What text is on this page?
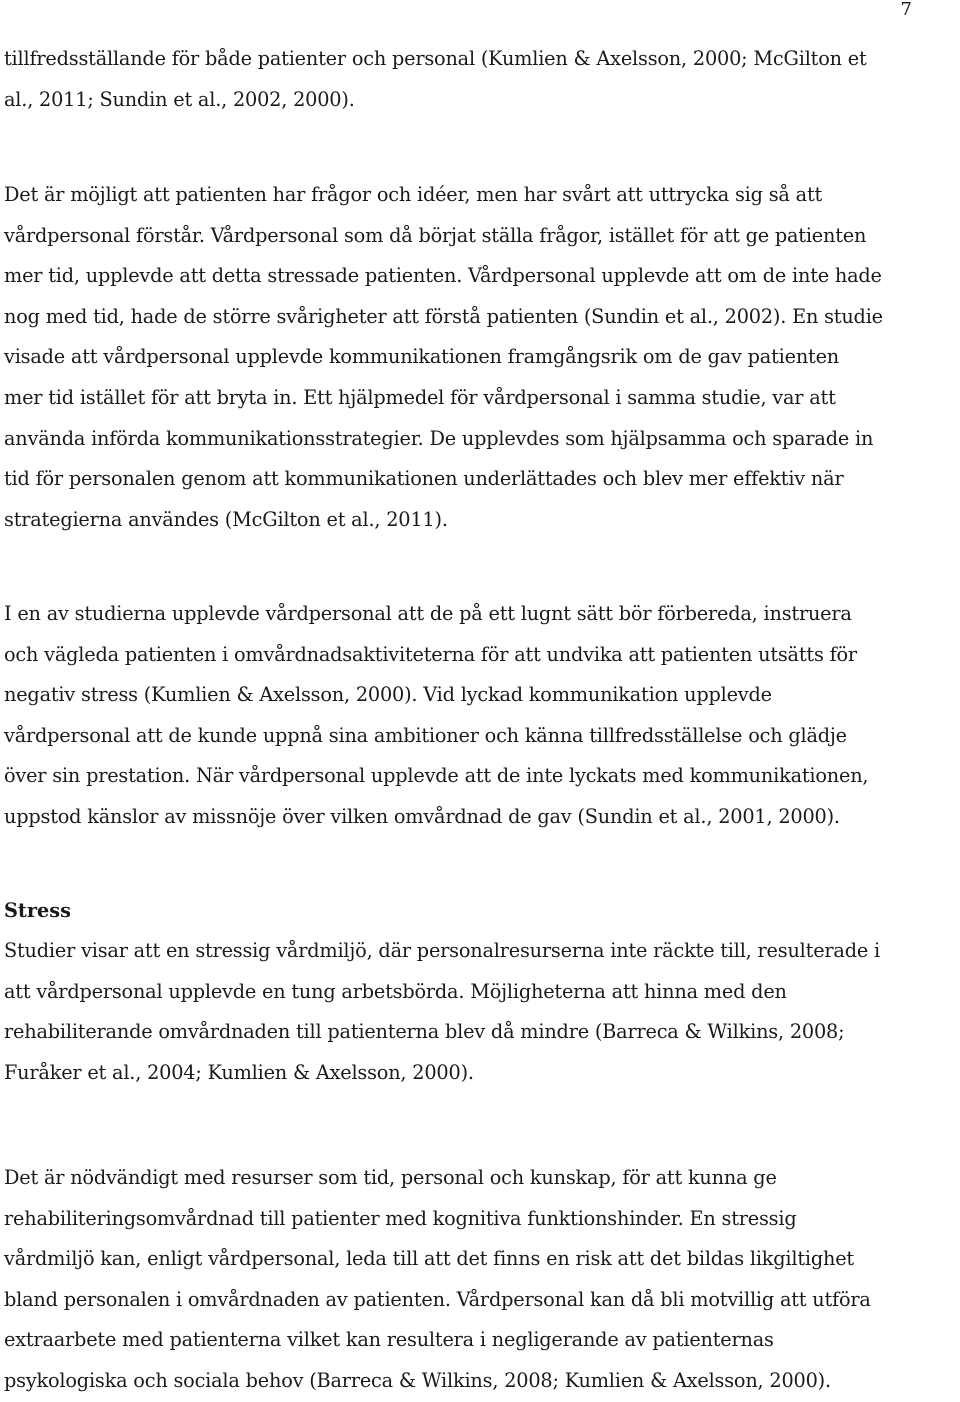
7
tillfredsställande för både patienter och personal (Kumlien & Axelsson, 2000; McGilton et
al., 2011; Sundin et al., 2002, 2000).
Det är möjligt att patienten har frågor och idéer, men har svårt att uttrycka sig så att
vårdpersonal förstår. Vårdpersonal som då börjat ställa frågor, istället för att ge patienten
mer tid, upplevde att detta stressade patienten. Vårdpersonal upplevde att om de inte hade
nog med tid, hade de större svårigheter att förstå patienten (Sundin et al., 2002). En studie
visade att vårdpersonal upplevde kommunikationen framgångsrik om de gav patienten
mer tid istället för att bryta in. Ett hjälpmedel för vårdpersonal i samma studie, var att
använda införda kommunikationsstrategier. De upplevdes som hjälpsamma och sparade in
tid för personalen genom att kommunikationen underlättades och blev mer effektiv när
strategierna användes (McGilton et al., 2011).
I en av studierna upplevde vårdpersonal att de på ett lugnt sätt bör förbereda, instruera
och vägleda patienten i omvårdnadsaktiviteterna för att undvika att patienten utsätts för
negativ stress (Kumlien & Axelsson, 2000). Vid lyckad kommunikation upplevde
vårdpersonal att de kunde uppnå sina ambitioner och känna tillfredsställelse och glädje
över sin prestation. När vårdpersonal upplevde att de inte lyckats med kommunikationen,
uppstod känslor av missnöje över vilken omvårdnad de gav (Sundin et al., 2001, 2000).
Stress
Studier visar att en stressig vårdmiljö, där personalresurserna inte räckte till, resulterade i
att vårdpersonal upplevde en tung arbetsbörda. Möjligheterna att hinna med den
rehabiliterande omvårdnaden till patienterna blev då mindre (Barreca & Wilkins, 2008;
Furåker et al., 2004; Kumlien & Axelsson, 2000).
Det är nödvändigt med resurser som tid, personal och kunskap, för att kunna ge
rehabiliteringsomvårdnad till patienter med kognitiva funktionshinder. En stressig
vårdmiljö kan, enligt vårdpersonal, leda till att det finns en risk att det bildas likgiltighet
bland personalen i omvårdnaden av patienten. Vårdpersonal kan då bli motvillig att utföra
extraarbete med patienterna vilket kan resultera i negligerande av patienternas
psykologiska och sociala behov (Barreca & Wilkins, 2008; Kumlien & Axelsson, 2000).
